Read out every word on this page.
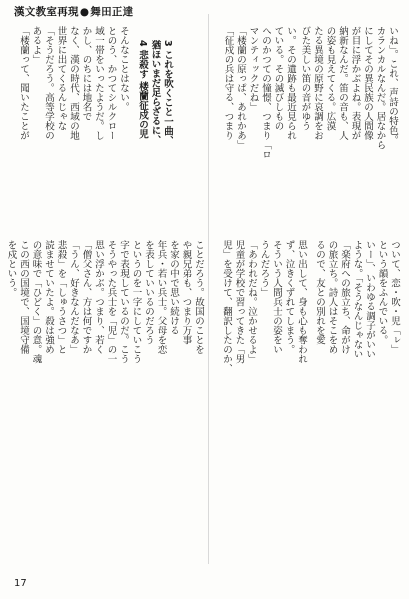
漢文教室再現 ● 舞田正達
そんなことはない。
とのう、かつてシルクロー
域一帯をいったようだ。し
かし、のちには地名で
なく、漢の時代、西域の地
世界に出てくるんじゃな
「そうだろう。高等学校の
あるよ」
「楼蘭って、聞いたことが	3 これを吹くこと一曲、
猶ほいまだ足らざるに、
4 悲殺す 楼蘭征戍の児
ことだろう。故国のことを
や親兄弟も、つまり万事
を家の中で思い続ける
年兵・若い兵士。父母を恋
を表していいるのだろう
というのを一字にしていこう
字で表現しているのだ。こう
そうやった兵士を「児」の一
思い浮かぶ。つまり、若く
「僧父さん、方は何ですか
「うん、好きなんだなあ」
悲殺」を「しゅうさつ」と
読ませていたよ。殺は強め
の意味で「ひどく」の意。魂
この西の国境で、国境守備
を戍という。
い。その遺跡も最近見られ
ている。その滅びしもの
へのかつての憧憬、つまり「ロ
マンティックだね」
「楼蘭の原っぱ、あれかあ」
「征戍の兵は守る、つまり	いね」。これ、声詩の特色。
カランカルなんだ。居なから
にしてその異民族の人間像
が目に浮かぶよね。表現が
納新なんだ。笛の音も、人
の姿も見えてくる。広漠
たる異境の原野に哀調をお
びた美しい笛の音がゆう
思い出して、身も心も奪われ
ず、泣きくずれてしまう。
そういう人間兵士の姿をい
うんだろう」
「あわれだね。泣かせるよ」
児童が学校で習ってきた「男
児」を受けて、翻訳したのか、	ついて、恋・吹・児「ㇾ」
という韻をふんでいる。
いー」、いわゆる調子がいい
ような。「そうなんじゃない
「楽府への旅立ち、命がけ
の旅立ち。詩人はそこをめ
るので、友との別れを愛
17
